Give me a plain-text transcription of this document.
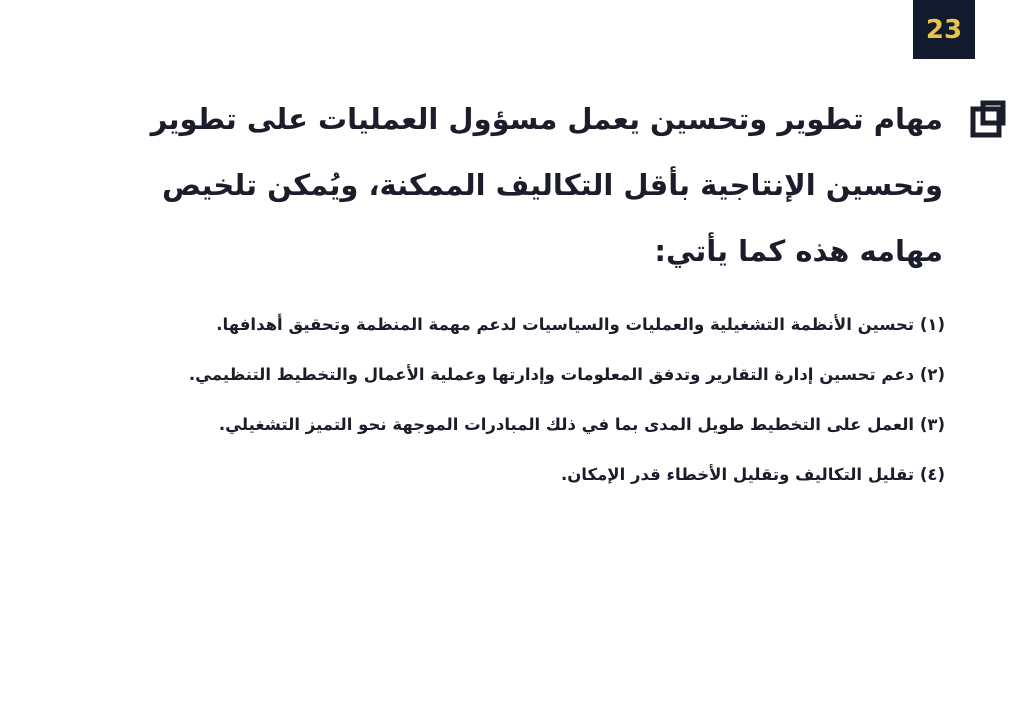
23
مهام تطوير وتحسين يعمل مسؤول العمليات على تطوير وتحسين الإنتاجية بأقل التكاليف الممكنة، ويُمكن تلخيص مهامه هذه كما يأتي:
(١) تحسين الأنظمة التشغيلية والعمليات والسياسيات لدعم مهمة المنظمة وتحقيق أهدافها.
(٢) دعم تحسين إدارة التقارير وتدفق المعلومات وإدارتها وعملية الأعمال والتخطيط التنظيمي.
(٣) العمل على التخطيط طويل المدى بما في ذلك المبادرات الموجهة نحو التميز التشغيلي.
(٤) تقليل التكاليف وتقليل الأخطاء قدر الإمكان.
